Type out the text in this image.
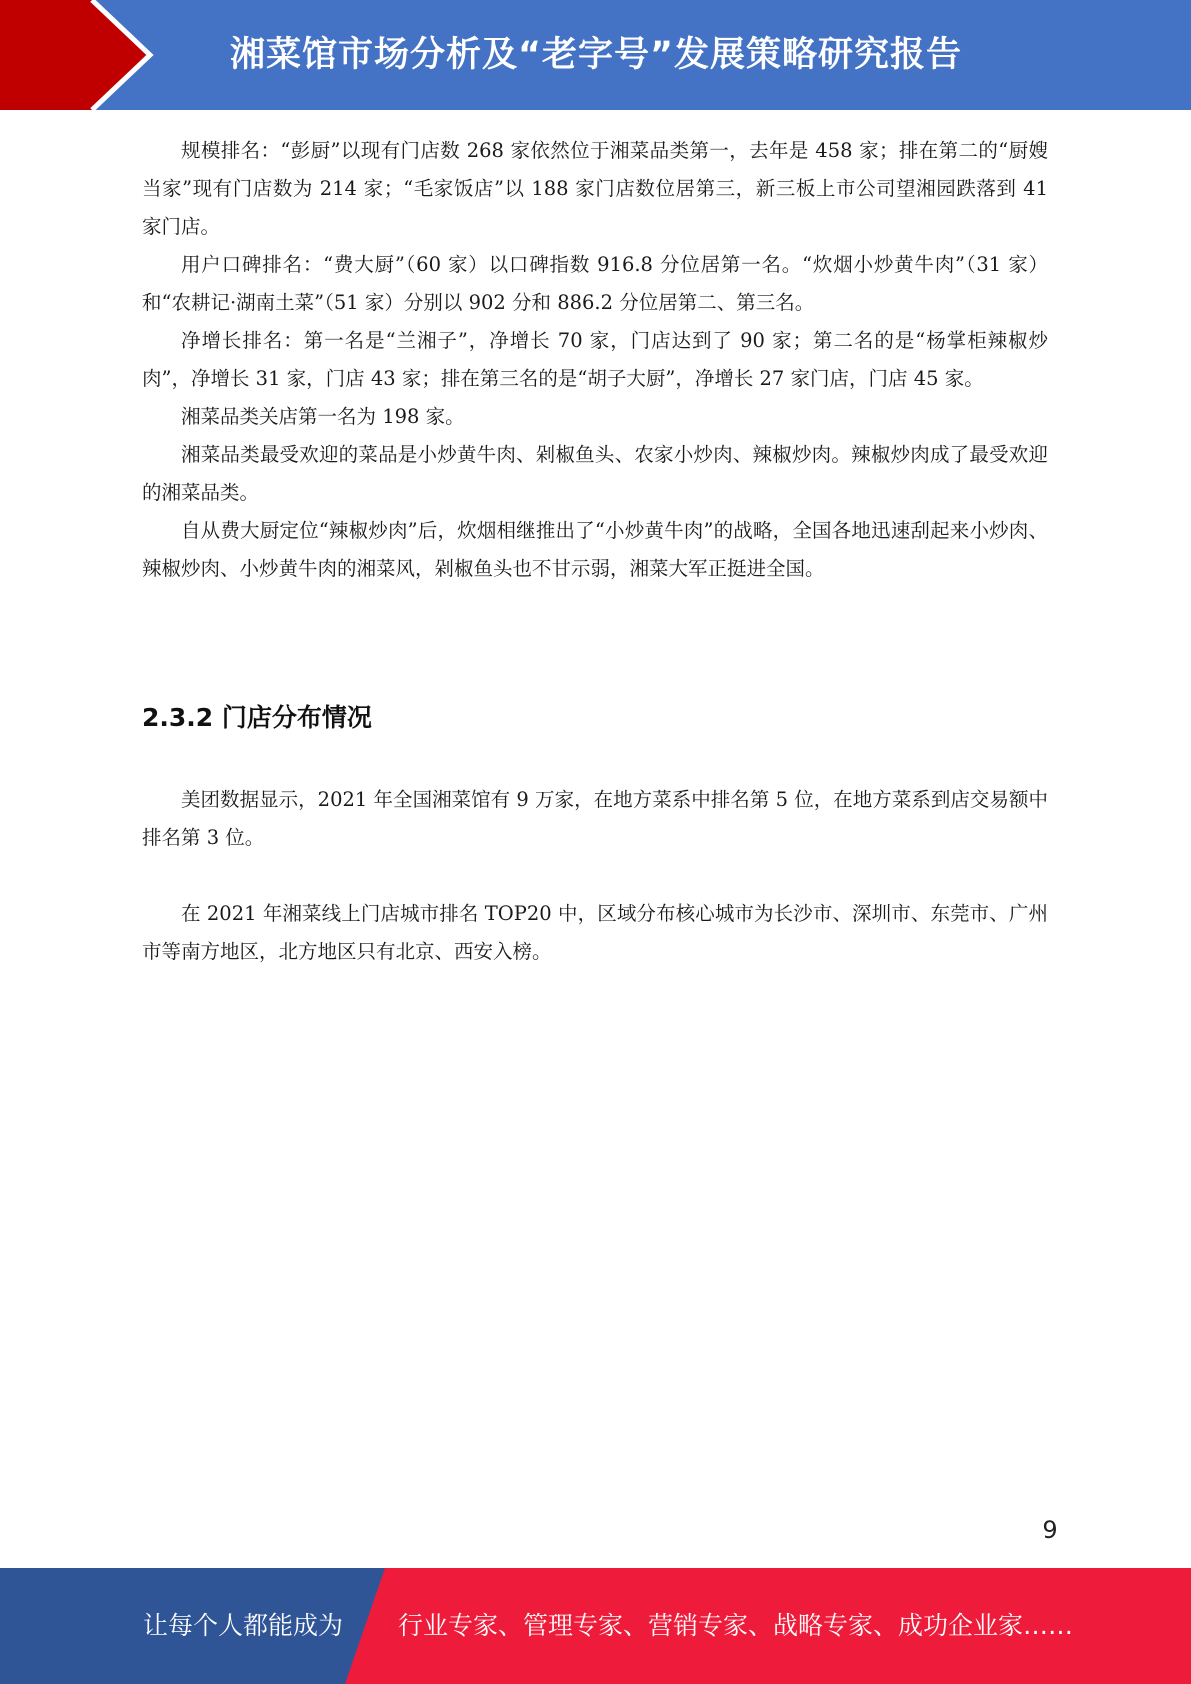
湘菜馆市场分析及“老字号”发展策略研究报告

规模排名：“彭厨”以现有门店数 268 家依然位于湘菜品类第一，去年是 458 家；排在第二的“厨嫂当家”现有门店数为 214 家；“毛家饭店”以 188 家门店数位居第三，新三板上市公司望湘园跌落到 41 家门店。

用户口碑排名：“费大厨”（60 家）以口碑指数 916.8 分位居第一名。“炊烟小炒黄牛肉”（31 家）和“农耕记·湖南土菜”（51 家）分别以 902 分和 886.2 分位居第二、第三名。

净增长排名：第一名是“兰湘子”，净增长 70 家，门店达到了 90 家；第二名的是“杨掌柜辣椒炒肉”，净增长 31 家，门店 43 家；排在第三名的是“胡子大厨”，净增长 27 家门店，门店 45 家。

湘菜品类关店第一名为 198 家。

湘菜品类最受欢迎的菜品是小炒黄牛肉、剁椒鱼头、农家小炒肉、辣椒炒肉。辣椒炒肉成了最受欢迎的湘菜品类。

自从费大厨定位“辣椒炒肉”后，炊烟相继推出了“小炒黄牛肉”的战略，全国各地迅速刮起来小炒肉、辣椒炒肉、小炒黄牛肉的湘菜风，剁椒鱼头也不甘示弱，湘菜大军正挺进全国。

2.3.2 门店分布情况

美团数据显示，2021 年全国湘菜馆有 9 万家，在地方菜系中排名第 5 位，在地方菜系到店交易额中排名第 3 位。

在 2021 年湘菜线上门店城市排名 TOP20 中，区域分布核心城市为长沙市、深圳市、东莞市、广州市等南方地区，北方地区只有北京、西安入榜。

9
让每个人都能成为 行业专家、管理专家、营销专家、战略专家、成功企业家……
